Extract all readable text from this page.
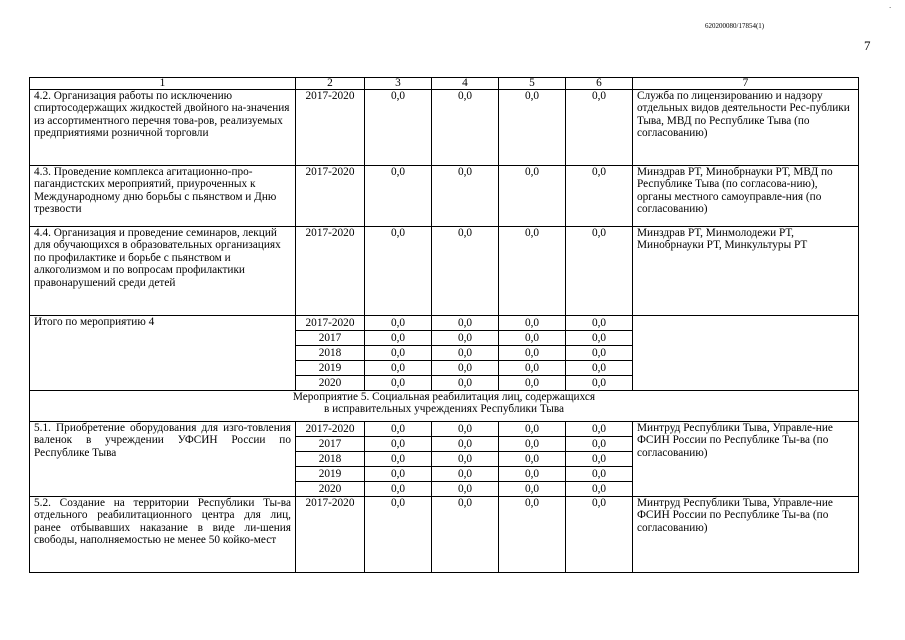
620200080/17854(1)
7
`
1	2	3	4	5	6	7
4.2. Организация работы по исключению спиртосодержащих жидкостей двойного на-значения из ассортиментного перечня това-ров, реализуемых предприятиями розничной торговли	2017-2020	0,0	0,0	0,0	0,0	Служба по лицензированию и надзору отдельных видов деятельности Рес-публики Тыва, МВД по Республике Тыва (по согласованию)
4.3. Проведение комплекса агитационно-про-пагандистских мероприятий, приуроченных к Международному дню борьбы с пьянством и Дню трезвости	2017-2020	0,0	0,0	0,0	0,0	Минздрав РТ, Минобрнауки РТ, МВД по Республике Тыва (по согласова-нию), органы местного самоуправле-ния (по согласованию)
4.4. Организация и проведение семинаров, лекций для обучающихся в образовательных организациях по профилактике и борьбе с пьянством и алкоголизмом и по вопросам профилактики правонарушений среди детей	2017-2020	0,0	0,0	0,0	0,0	Минздрав РТ, Минмолодежи РТ, Минобрнауки РТ, Минкультуры РТ
Итого по мероприятию 4	2017-2020	0,0	0,0	0,0	0,0	
	2017	0,0	0,0	0,0	0,0	
	2018	0,0	0,0	0,0	0,0	
	2019	0,0	0,0	0,0	0,0	
	2020	0,0	0,0	0,0	0,0	

Мероприятие 5. Социальная реабилитация лиц, содержащихся
в исправительных учреждениях Республики Тыва						

5.1. Приобретение оборудования для изго-товления валенок в учреждении УФСИН России по Республике Тыва	2017-2020	0,0	0,0	0,0	0,0	Минтруд Республики Тыва, Управле-ние ФСИН России по Республике Ты-ва (по согласованию)
	2017	0,0	0,0	0,0	0,0	
	2018	0,0	0,0	0,0	0,0	
	2019	0,0	0,0	0,0	0,0	
	2020	0,0	0,0	0,0	0,0	
5.2. Создание на территории Республики Ты-ва отдельного реабилитационного центра для лиц, ранее отбывавших наказание в виде ли-шения свободы, наполняемостью не менее 50 койко-мест	2017-2020	0,0	0,0	0,0	0,0	Минтруд Республики Тыва, Управле-ние ФСИН России по Республике Ты-ва (по согласованию)
